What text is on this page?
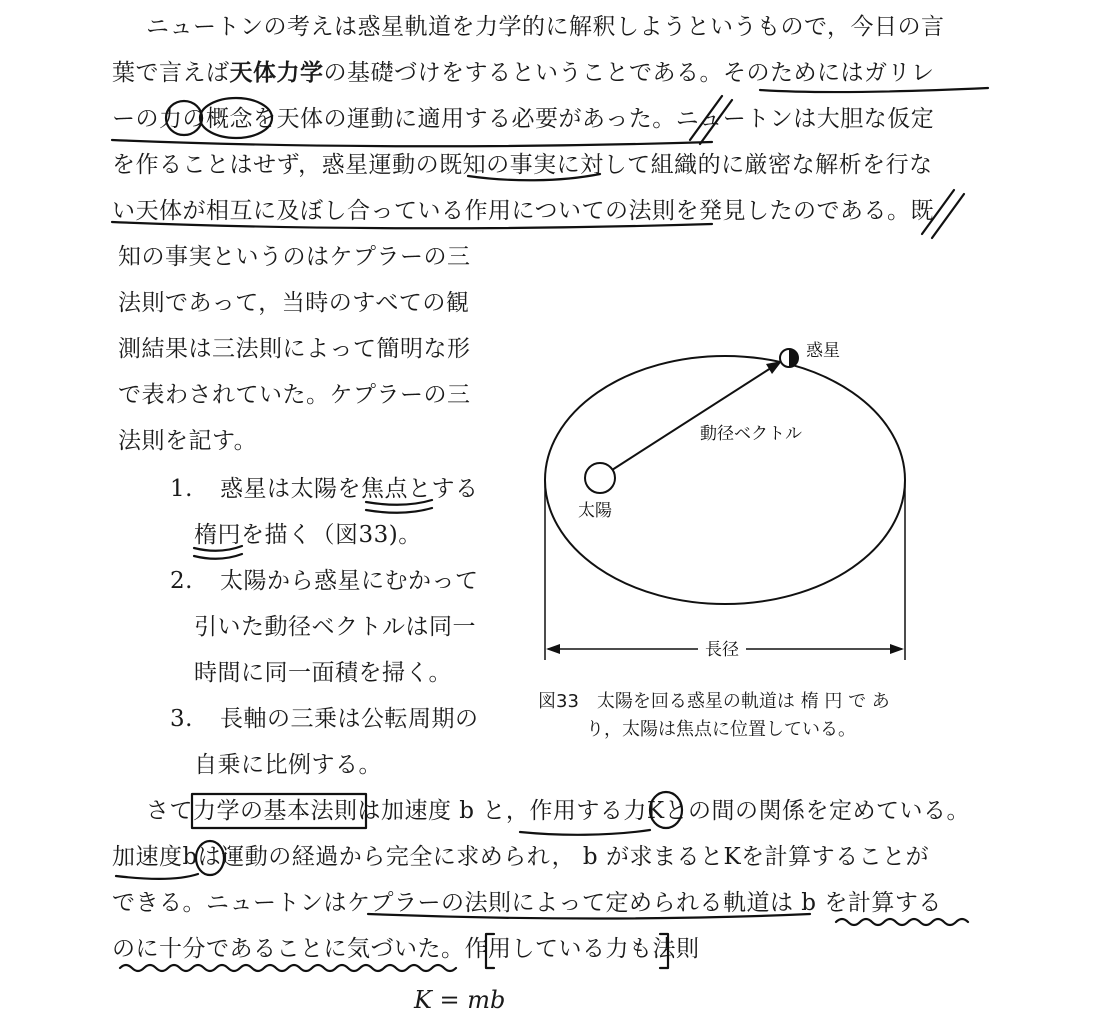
ニュートンの考えは惑星軌道を力学的に解釈しようというもので，今日の言
葉で言えば天体力学の基礎づけをするということである。そのためにはガリレ
ーの力の概念を天体の運動に適用する必要があった。ニュートンは大胆な仮定
を作ることはせず，惑星運動の既知の事実に対して組織的に厳密な解析を行な
い天体が相互に及ぼし合っている作用についての法則を発見したのである。既
知の事実というのはケプラーの三
法則であって，当時のすべての観
測結果は三法則によって簡明な形
で表わされていた。ケプラーの三
法則を記す。
1. 惑星は太陽を焦点とする
楕円を描く（図33)。
2. 太陽から惑星にむかって
引いた動径ベクトルは同一
時間に同一面積を掃く。
3. 長軸の三乗は公転周期の
自乗に比例する。
惑星
動径ベクトル
太陽
長径
図33　太陽を回る惑星の軌道は 楕 円 で あ
り，太陽は焦点に位置している。
さて力学の基本法則は加速度 b と，作用する力Kとの間の関係を定めている。
加速度bは運動の経過から完全に求められ， b が求まるとKを計算することが
できる。ニュートンはケプラーの法則によって定められる軌道は b を計算する
のに十分であることに気づいた。作用している力も法則
K = mb
